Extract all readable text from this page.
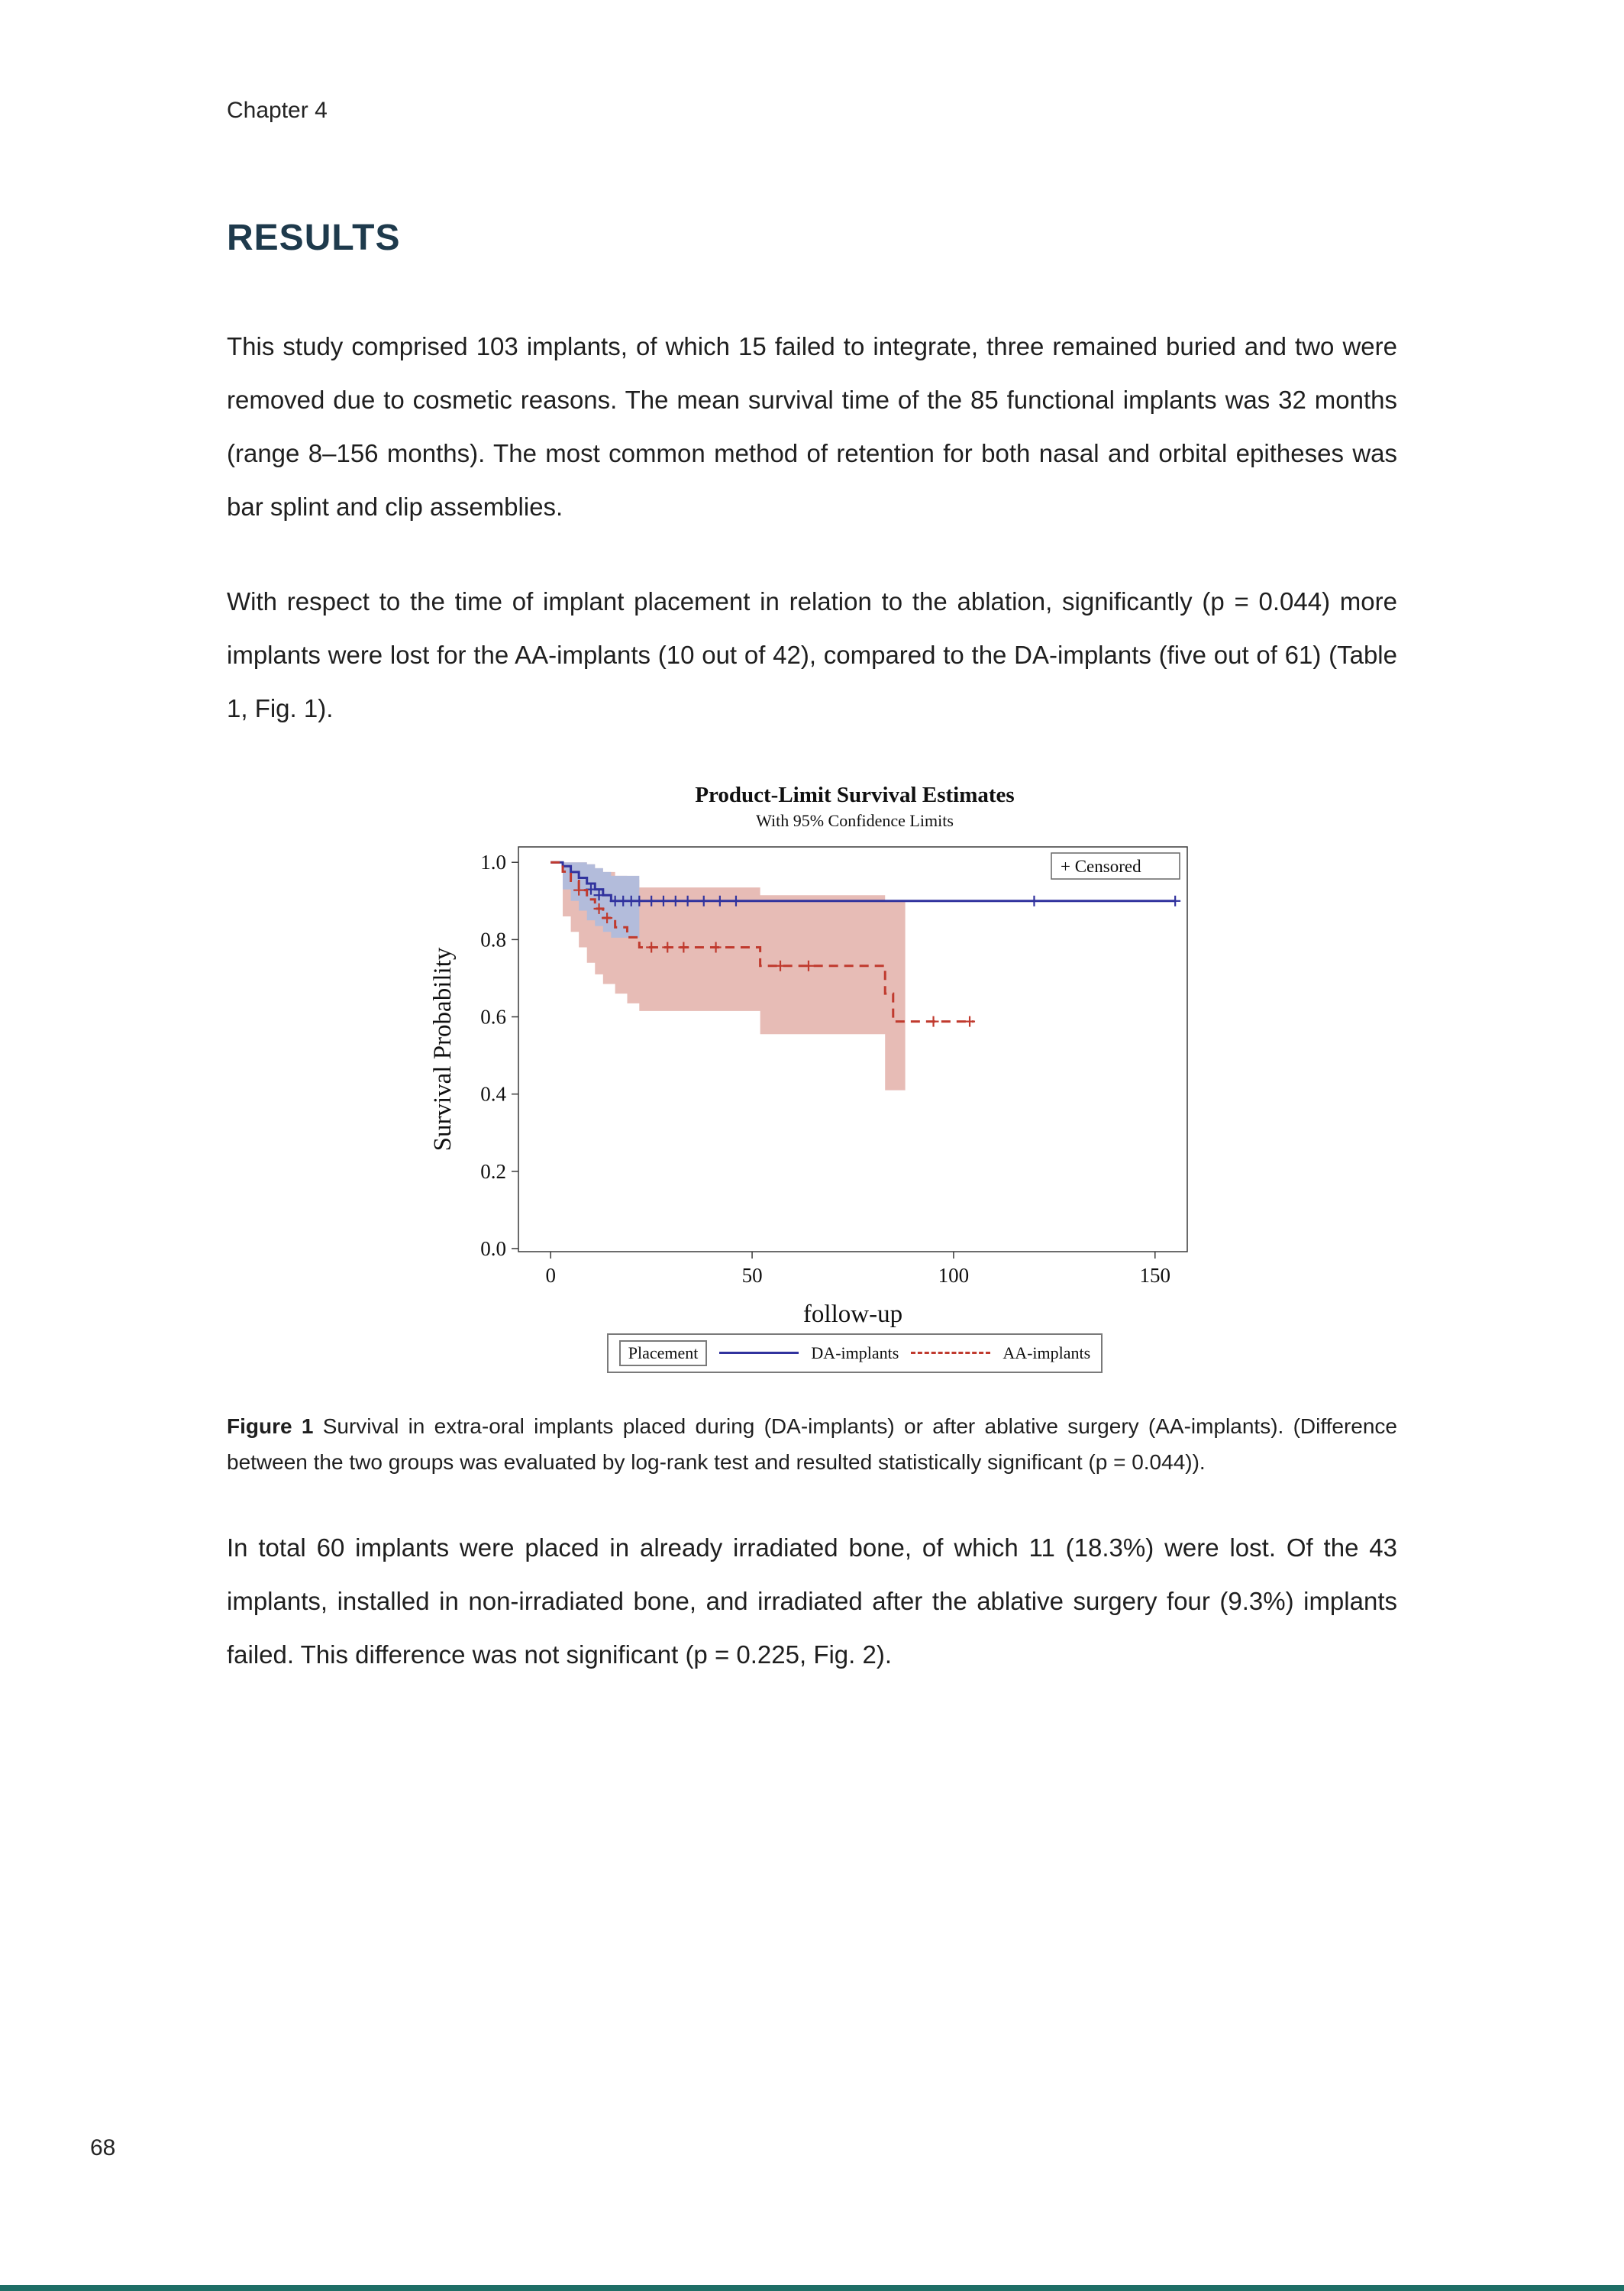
Chapter 4
RESULTS

This study comprised 103 implants, of which 15 failed to integrate, three remained buried and two were removed due to cosmetic reasons. The mean survival time of the 85 functional implants was 32 months (range 8–156 months). The most common method of retention for both nasal and orbital epitheses was bar splint and clip assemblies.

With respect to the time of implant placement in relation to the ablation, significantly (p = 0.044) more implants were lost for the AA-implants (10 out of 42), compared to the DA-implants (five out of 61) (Table 1, Fig. 1).

Product-Limit Survival Estimates
With 95% Confidence Limits
0	50	100	150
0.0
0.2
0.4
0.6
0.8
1.0	+ Censored
follow-up
Survival Probability
Placement	DA-implants	AA-implants

Figure 1 Survival in extra-oral implants placed during (DA-implants) or after ablative surgery (AA-implants). (Difference between the two groups was evaluated by log-rank test and resulted statistically significant (p = 0.044)).

In total 60 implants were placed in already irradiated bone, of which 11 (18.3%) were lost. Of the 43 implants, installed in non-irradiated bone, and irradiated after the ablative surgery four (9.3%) implants failed. This difference was not significant (p = 0.225, Fig. 2).

68
